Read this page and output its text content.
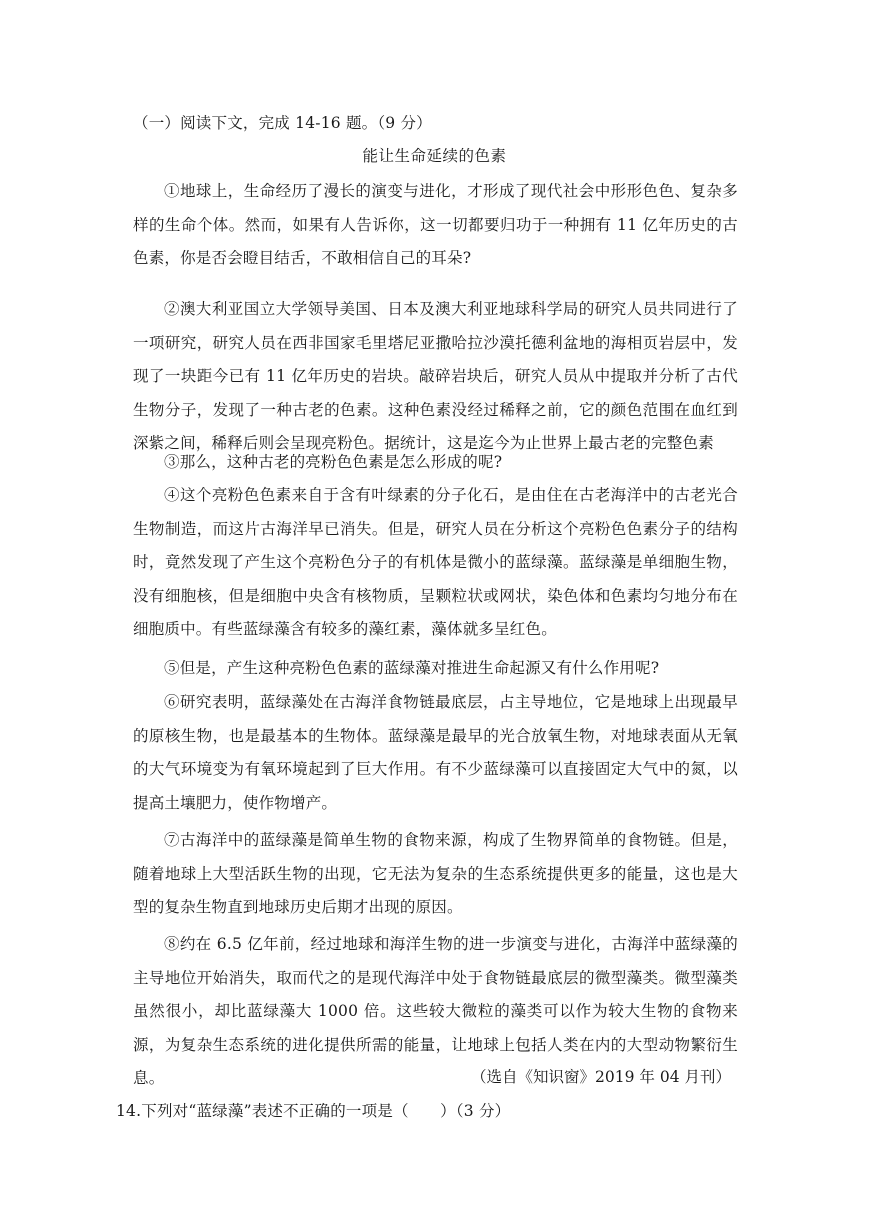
（一）阅读下文，完成 14-16 题。（9 分）
能让生命延续的色素

①地球上，生命经历了漫长的演变与进化，才形成了现代社会中形形色色、复杂多样的生命个体。然而，如果有人告诉你，这一切都要归功于一种拥有 11 亿年历史的古色素，你是否会瞪目结舌，不敢相信自己的耳朵?

②澳大利亚国立大学领导美国、日本及澳大利亚地球科学局的研究人员共同进行了一项研究，研究人员在西非国家毛里塔尼亚撒哈拉沙漠托德利盆地的海相页岩层中，发现了一块距今已有 11 亿年历史的岩块。敲碎岩块后，研究人员从中提取并分析了古代生物分子，发现了一种古老的色素。这种色素没经过稀释之前，它的颜色范围在血红到深紫之间，稀释后则会呈现亮粉色。据统计，这是迄今为止世界上最古老的完整色素

③那么，这种古老的亮粉色色素是怎么形成的呢?

④这个亮粉色色素来自于含有叶绿素的分子化石，是由住在古老海洋中的古老光合生物制造，而这片古海洋早已消失。但是，研究人员在分析这个亮粉色色素分子的结构时，竟然发现了产生这个亮粉色分子的有机体是微小的蓝绿藻。蓝绿藻是单细胞生物，没有细胞核，但是细胞中央含有核物质，呈颗粒状或网状，染色体和色素均匀地分布在细胞质中。有些蓝绿藻含有较多的藻红素，藻体就多呈红色。

⑤但是，产生这种亮粉色色素的蓝绿藻对推进生命起源又有什么作用呢?

⑥研究表明，蓝绿藻处在古海洋食物链最底层，占主导地位，它是地球上出现最早的原核生物，也是最基本的生物体。蓝绿藻是最早的光合放氧生物，对地球表面从无氧的大气环境变为有氧环境起到了巨大作用。有不少蓝绿藻可以直接固定大气中的氮，以提高土壤肥力，使作物增产。

⑦古海洋中的蓝绿藻是简单生物的食物来源，构成了生物界简单的食物链。但是，随着地球上大型活跃生物的出现，它无法为复杂的生态系统提供更多的能量，这也是大型的复杂生物直到地球历史后期才出现的原因。

⑧约在 6.5 亿年前，经过地球和海洋生物的进一步演变与进化，古海洋中蓝绿藻的主导地位开始消失，取而代之的是现代海洋中处于食物链最底层的微型藻类。微型藻类虽然很小，却比蓝绿藻大 1000 倍。这些较大微粒的藻类可以作为较大生物的食物来源，为复杂生态系统的进化提供所需的能量，让地球上包括人类在内的大型动物繁衍生息。	（选自《知识窗》2019 年 04 月刊）
14.下列对“蓝绿藻”表述不正确的一项是（　　）（3 分）
